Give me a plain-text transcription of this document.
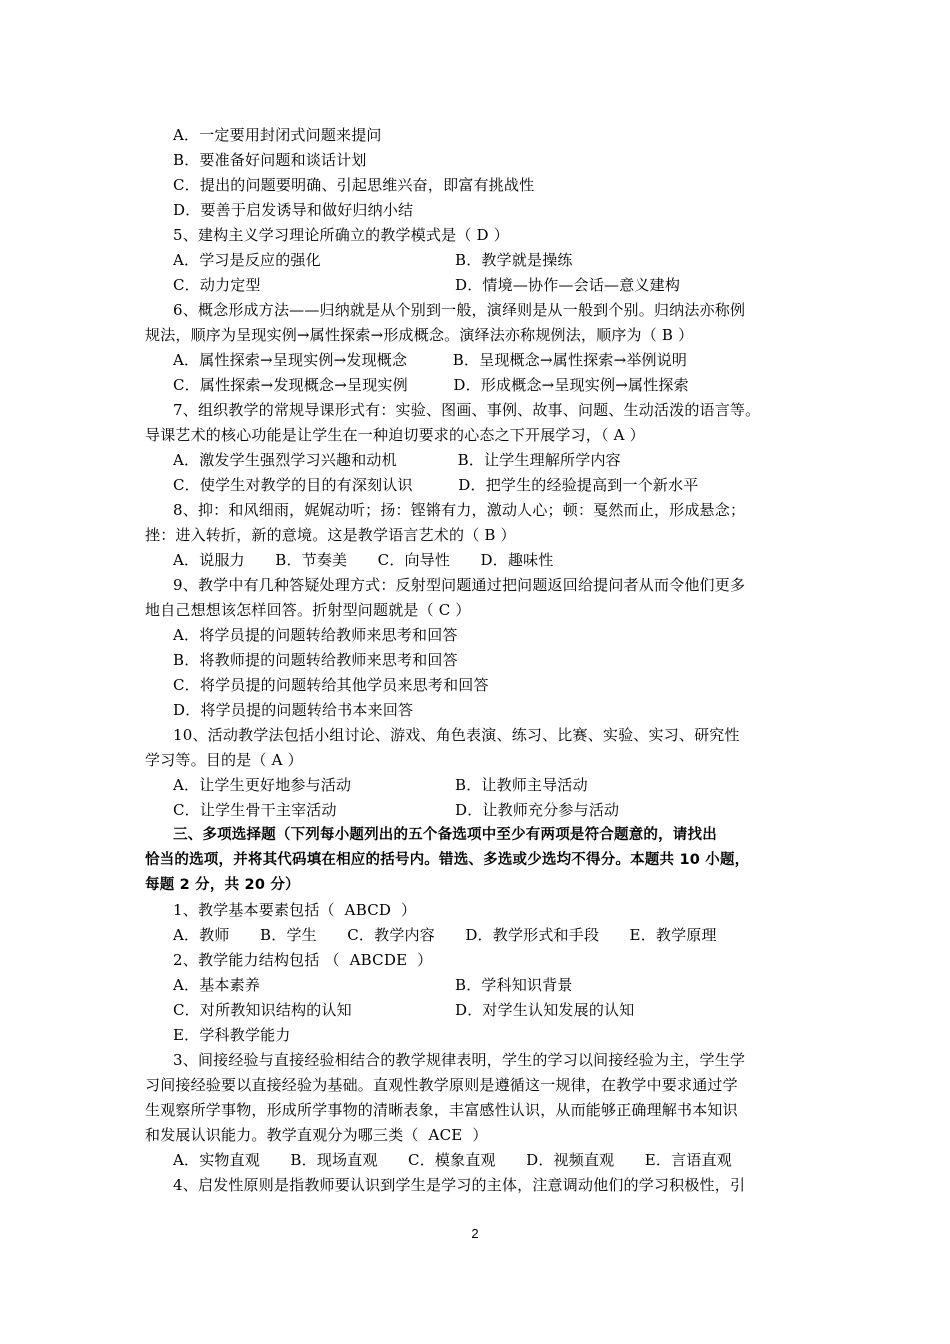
A．一定要用封闭式问题来提问
B．要准备好问题和谈话计划
C．提出的问题要明确、引起思维兴奋，即富有挑战性
D．要善于启发诱导和做好归纳小结
5、建构主义学习理论所确立的教学模式是（ D ）
A．学习是反应的强化	B．教学就是操练
C．动力定型	D．情境—协作—会话—意义建构
6、概念形成方法——归纳就是从个别到一般，演绎则是从一般到个别。归纳法亦称例
规法，顺序为呈现实例→属性探索→形成概念。演绎法亦称规例法，顺序为（ B ）
A．属性探索→呈现实例→发现概念　　　B．呈现概念→属性探索→举例说明
C．属性探索→发现概念→呈现实例　　　D．形成概念→呈现实例→属性探索
7、组织教学的常规导课形式有：实验、图画、事例、故事、问题、生动活泼的语言等。
导课艺术的核心功能是让学生在一种迫切要求的心态之下开展学习，（ A ）
A．激发学生强烈学习兴趣和动机　　　　B．让学生理解所学内容
C．使学生对教学的目的有深刻认识　　　D．把学生的经验提高到一个新水平
8、抑：和风细雨，娓娓动听；扬：铿锵有力，激动人心；顿：戛然而止，形成悬念；
挫：进入转折，新的意境。这是教学语言艺术的（ B ）
A．说服力　　B．节奏美　　C．向导性　　D．趣味性
9、教学中有几种答疑处理方式：反射型问题通过把问题返回给提问者从而令他们更多
地自己想想该怎样回答。折射型问题就是（ C ）
A．将学员提的问题转给教师来思考和回答
B．将教师提的问题转给教师来思考和回答
C．将学员提的问题转给其他学员来思考和回答
D．将学员提的问题转给书本来回答
10、活动教学法包括小组讨论、游戏、角色表演、练习、比赛、实验、实习、研究性
学习等。目的是（ A ）
A．让学生更好地参与活动	B．让教师主导活动
C．让学生骨干主宰活动	D．让教师充分参与活动
三、多项选择题（下列每小题列出的五个备选项中至少有两项是符合题意的，请找出
恰当的选项，并将其代码填在相应的括号内。错选、多选或少选均不得分。本题共 10 小题，
每题 2 分，共 20 分）
1、教学基本要素包括（  ABCD  ）
A．教师　　B．学生　　C．教学内容　　D．教学形式和手段　　E．教学原理
2、教学能力结构包括 （  ABCDE  ）
A．基本素养	B．学科知识背景
C．对所教知识结构的认知	D．对学生认知发展的认知
E．学科教学能力
3、间接经验与直接经验相结合的教学规律表明，学生的学习以间接经验为主，学生学
习间接经验要以直接经验为基础。直观性教学原则是遵循这一规律，在教学中要求通过学
生观察所学事物，形成所学事物的清晰表象，丰富感性认识，从而能够正确理解书本知识
和发展认识能力。教学直观分为哪三类（  ACE  ）
A．实物直观　　B．现场直观　　C．模象直观　　D．视频直观　　E．言语直观
4、启发性原则是指教师要认识到学生是学习的主体，注意调动他们的学习积极性，引
2
